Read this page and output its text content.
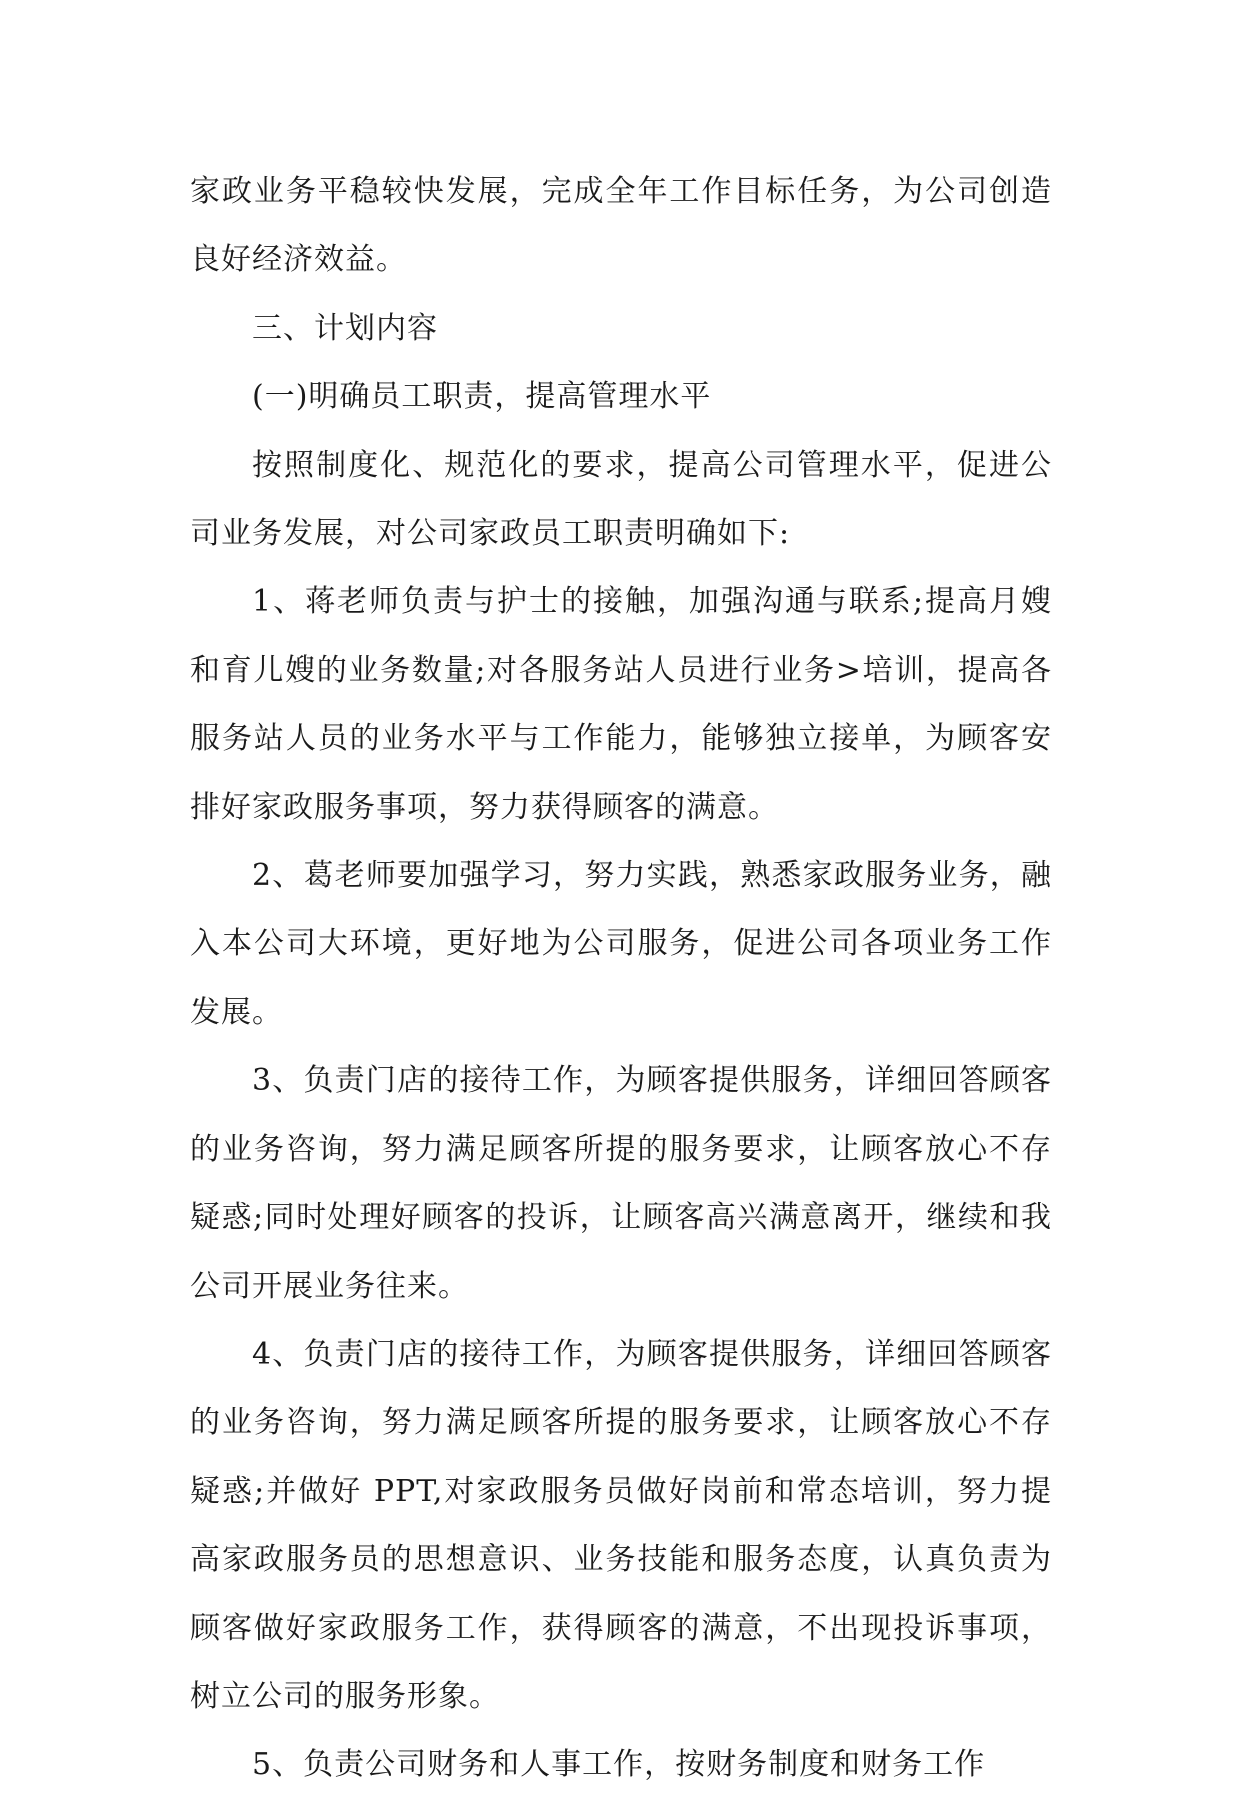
家政业务平稳较快发展，完成全年工作目标任务，为公司创造良好经济效益。

三、计划内容

(一)明确员工职责，提高管理水平

按照制度化、规范化的要求，提高公司管理水平，促进公司业务发展，对公司家政员工职责明确如下:

1、蒋老师负责与护士的接触，加强沟通与联系;提高月嫂和育儿嫂的业务数量;对各服务站人员进行业务>培训，提高各服务站人员的业务水平与工作能力，能够独立接单，为顾客安排好家政服务事项，努力获得顾客的满意。

2、葛老师要加强学习，努力实践，熟悉家政服务业务，融入本公司大环境，更好地为公司服务，促进公司各项业务工作发展。

3、负责门店的接待工作，为顾客提供服务，详细回答顾客的业务咨询，努力满足顾客所提的服务要求，让顾客放心不存疑惑;同时处理好顾客的投诉，让顾客高兴满意离开，继续和我公司开展业务往来。

4、负责门店的接待工作，为顾客提供服务，详细回答顾客的业务咨询，努力满足顾客所提的服务要求，让顾客放心不存疑惑;并做好 PPT,对家政服务员做好岗前和常态培训，努力提高家政服务员的思想意识、业务技能和服务态度，认真负责为顾客做好家政服务工作，获得顾客的满意，不出现投诉事项，树立公司的服务形象。

5、负责公司财务和人事工作，按财务制度和财务工作
